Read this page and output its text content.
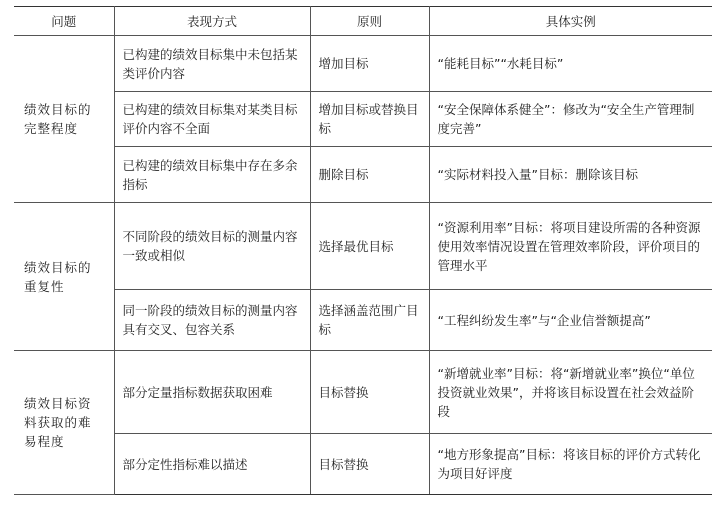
问题	表现方式	原则	具体实例
绩效目标的完整程度	已构建的绩效目标集中未包括某类评价内容	增加目标	“能耗目标”“水耗目标”
	已构建的绩效目标集对某类目标评价内容不全面	增加目标或替换目标	“安全保障体系健全”：修改为“安全生产管理制度完善”
	已构建的绩效目标集中存在多余指标	删除目标	“实际材料投入量”目标：删除该目标
绩效目标的重复性	不同阶段的绩效目标的测量内容一致或相似	选择最优目标	“资源利用率”目标：将项目建设所需的各种资源使用效率情况设置在管理效率阶段，评价项目的管理水平
	同一阶段的绩效目标的测量内容具有交叉、包容关系	选择涵盖范围广目标	“工程纠纷发生率”与“企业信誉额提高”
绩效目标资料获取的难易程度	部分定量指标数据获取困难	目标替换	“新增就业率”目标：将“新增就业率”换位“单位投资就业效果”，并将该目标设置在社会效益阶段
	部分定性指标难以描述	目标替换	“地方形象提高”目标：将该目标的评价方式转化为项目好评度
